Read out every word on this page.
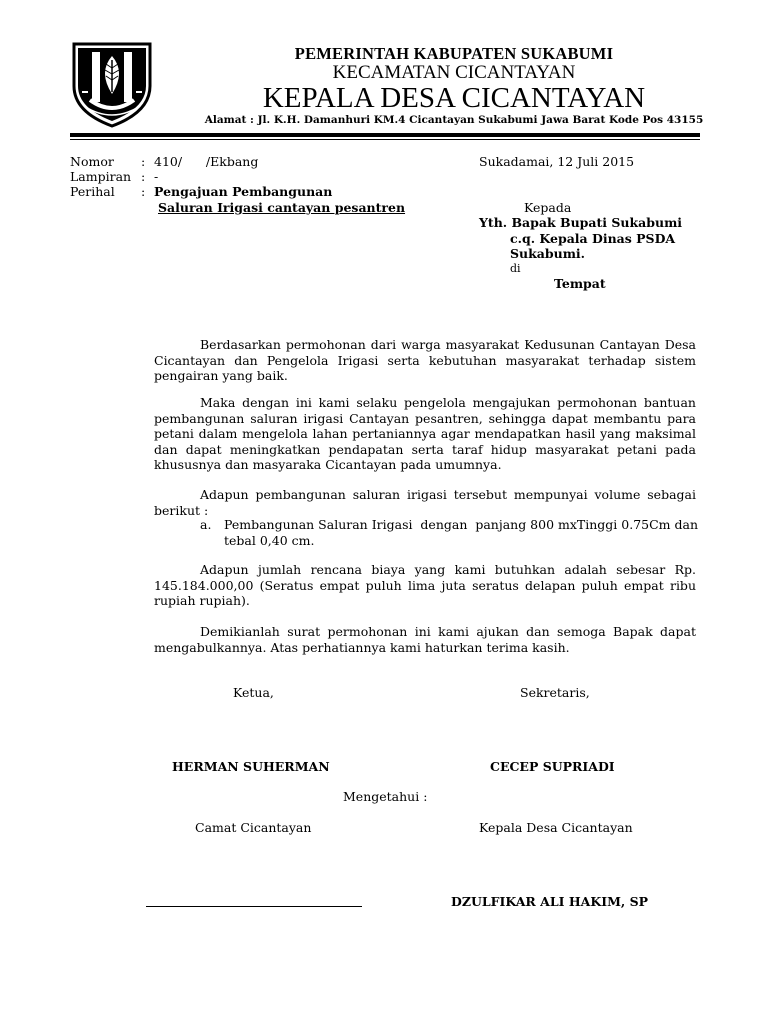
PEMERINTAH KABUPATEN SUKABUMI
KECAMATAN CICANTAYAN
KEPALA DESA CICANTAYAN
Alamat : Jl. K.H. Damanhuri KM.4 Cicantayan Sukabumi Jawa Barat Kode Pos 43155
Nomor : 410/      /Ekbang	Sukadamai, 12 Juli 2015
Lampiran : -
Perihal : Pengajuan Pembangunan
Saluran Irigasi cantayan pesantren	Kepada
Yth. Bapak Bupati Sukabumi
c.q. Kepala Dinas PSDA
Sukabumi.
di
Tempat
Berdasarkan permohonan dari warga masyarakat Kedusunan Cantayan Desa Cicantayan dan Pengelola Irigasi serta kebutuhan masyarakat terhadap sistem pengairan yang baik.
Maka dengan ini kami selaku pengelola mengajukan permohonan bantuan pembangunan saluran irigasi Cantayan pesantren, sehingga dapat membantu para petani dalam mengelola lahan pertaniannya agar mendapatkan hasil yang maksimal dan dapat meningkatkan pendapatan serta taraf hidup masyarakat petani pada khususnya dan masyaraka Cicantayan pada umumnya.
Adapun pembangunan saluran irigasi tersebut mempunyai volume sebagai berikut :
a. Pembangunan Saluran Irigasi  dengan  panjang 800 mxTinggi 0.75Cm dan
tebal 0,40 cm.
Adapun jumlah rencana biaya yang kami butuhkan adalah sebesar Rp. 145.184.000,00 (Seratus empat puluh lima juta seratus delapan puluh empat ribu rupiah rupiah).
Demikianlah surat permohonan ini kami ajukan dan semoga Bapak dapat mengabulkannya. Atas perhatiannya kami haturkan terima kasih.
Ketua,	Sekretaris,
HERMAN SUHERMAN	CECEP SUPRIADI
Mengetahui :
Camat Cicantayan	Kepala Desa Cicantayan
DZULFIKAR ALI HAKIM, SP
